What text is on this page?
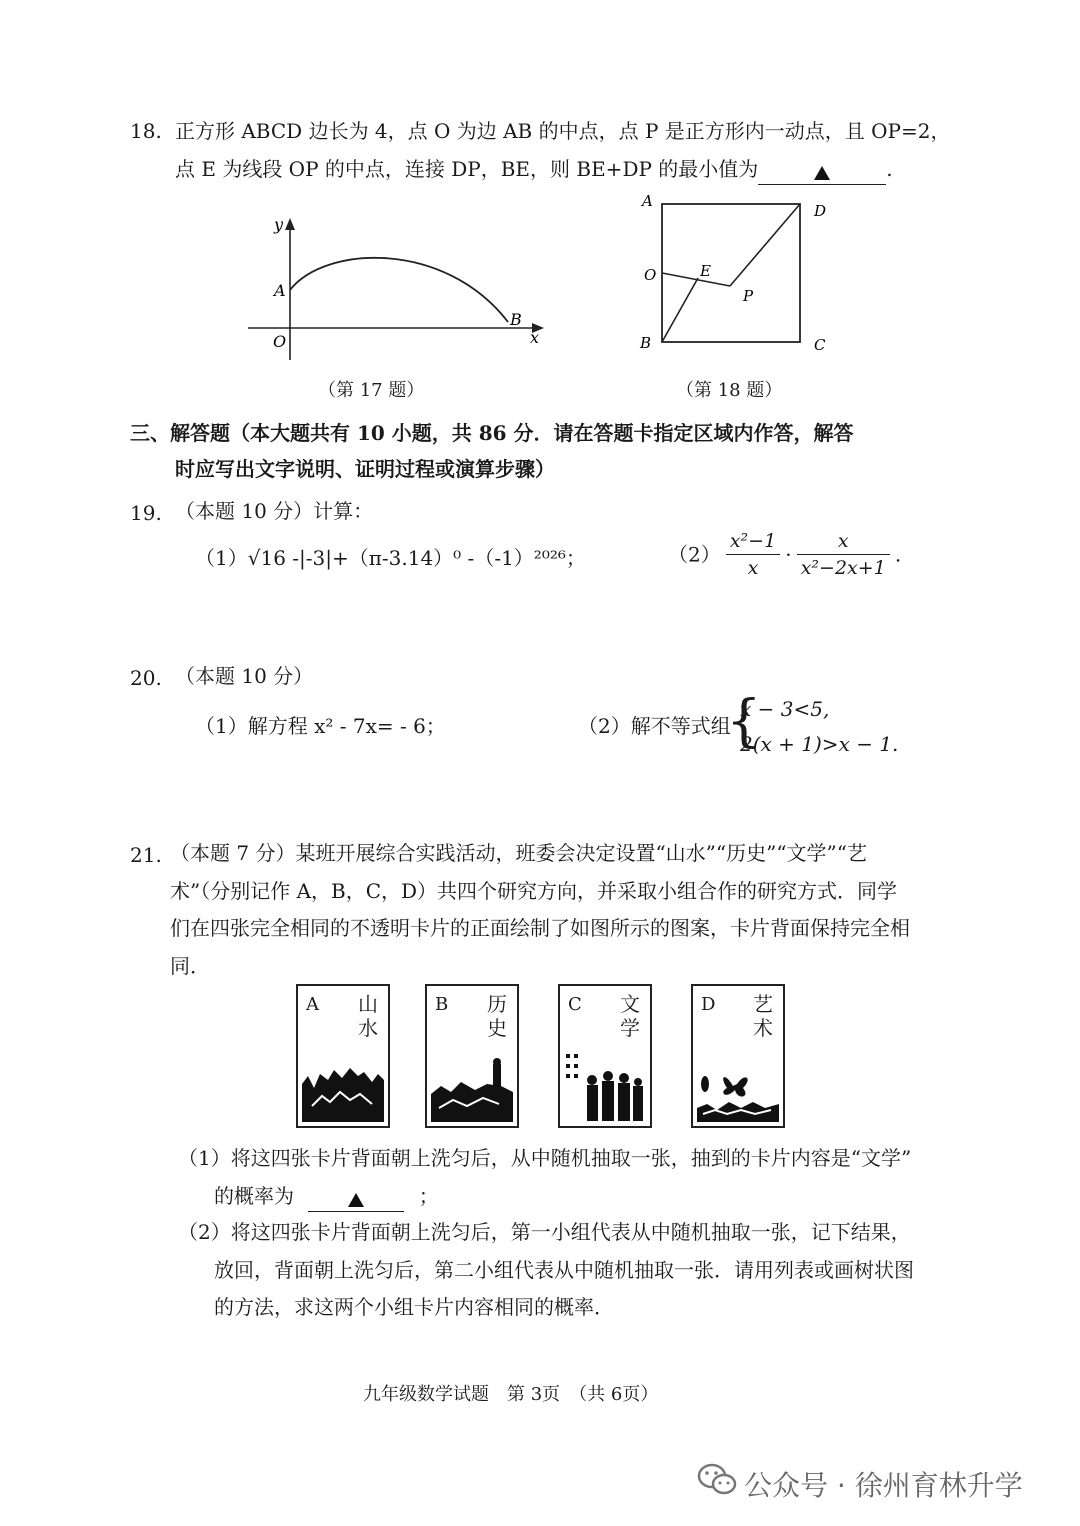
18. 正方形 ABCD 边长为 4，点 O 为边 AB 的中点，点 P 是正方形内一动点，且 OP=2，
点 E 为线段 OP 的中点，连接 DP，BE，则 BE+DP 的最小值为	.
y
x
O
A
B
（第 17 题）
A
D
O	E
P
B	C
（第 18 题）
三、解答题（本大题共有 10 小题，共 86 分．请在答题卡指定区域内作答，解答
时应写出文字说明、证明过程或演算步骤）
19. （本题 10 分）计算：
（1）√16 -|-3|+（π-3.14）⁰ -（-1）²⁰²⁶；	$(2) \frac{\text{x²−1}}{x} \cdot \frac{x}{\text{x²−2x+1}}$ .
20. （本题 10 分）
（1）解方程 x² - 7x= - 6；	（2）解不等式组
{
x − 3<5,
2(x + 1)>x − 1.
21. （本题 7 分）某班开展综合实践活动，班委会决定设置“山水”“历史”“文学”“艺
术”（分别记作 A，B，C，D）共四个研究方向，并采取小组合作的研究方式．同学
们在四张完全相同的不透明卡片的正面绘制了如图所示的图案，卡片背面保持完全相
同．
A 山水
B 历史
C 文学
D 艺术
（1）将这四张卡片背面朝上洗匀后，从中随机抽取一张，抽到的卡片内容是“文学”
的概率为	；
（2）将这四张卡片背面朝上洗匀后，第一小组代表从中随机抽取一张，记下结果，
放回，背面朝上洗匀后，第二小组代表从中随机抽取一张．请用列表或画树状图
的方法，求这两个小组卡片内容相同的概率．
九年级数学试题　第 3页　（共 6页）
公众号 · 徐州育林升学
